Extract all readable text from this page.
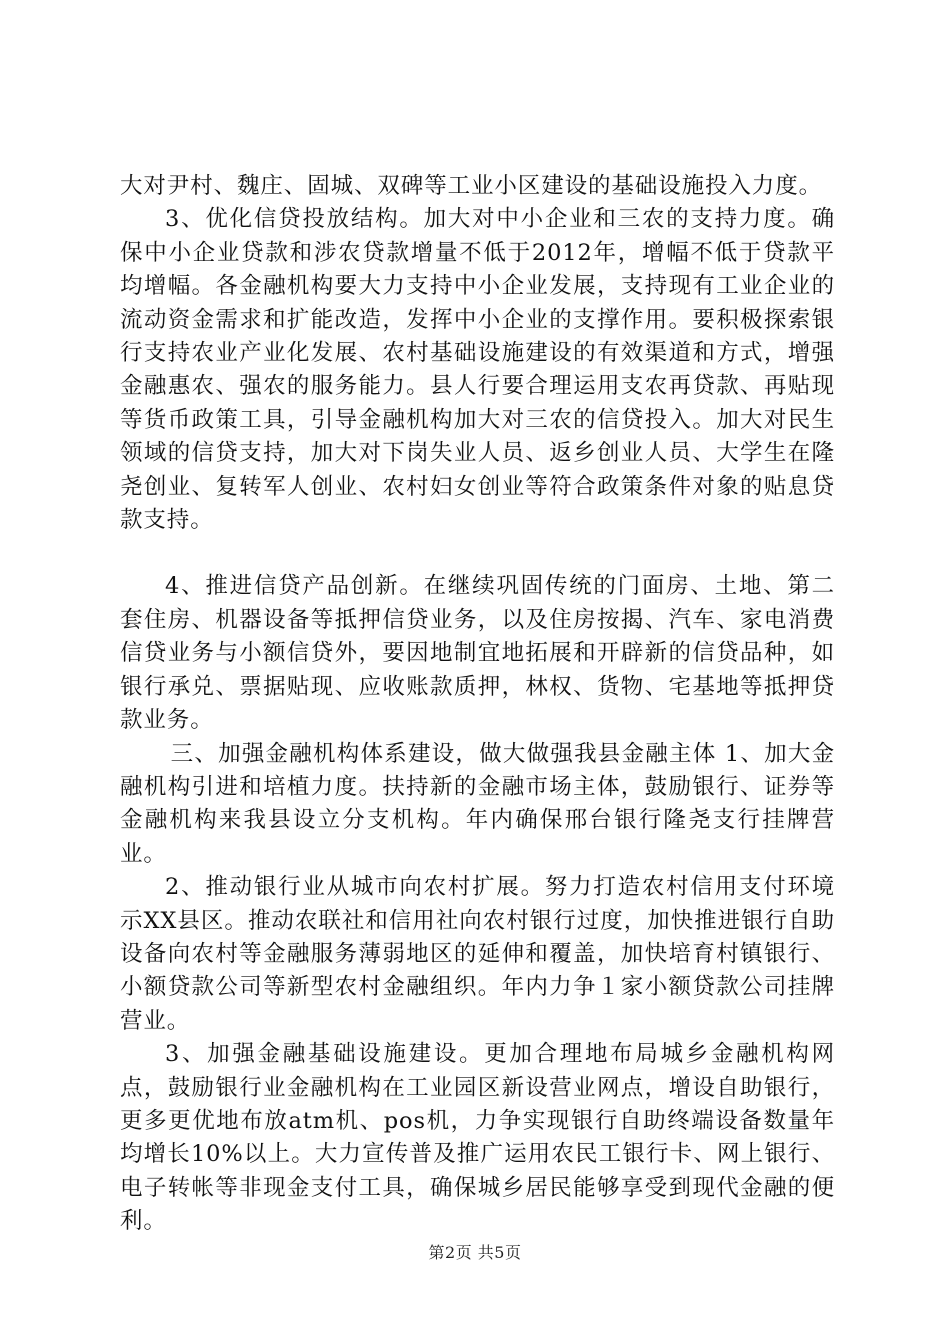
大对尹村、魏庄、固城、双碑等工业小区建设的基础设施投入力度。

3、优化信贷投放结构。加大对中小企业和三农的支持力度。确保中小企业贷款和涉农贷款增量不低于2012年，增幅不低于贷款平均增幅。各金融机构要大力支持中小企业发展，支持现有工业企业的流动资金需求和扩能改造，发挥中小企业的支撑作用。要积极探索银行支持农业产业化发展、农村基础设施建设的有效渠道和方式，增强金融惠农、强农的服务能力。县人行要合理运用支农再贷款、再贴现等货币政策工具，引导金融机构加大对三农的信贷投入。加大对民生领域的信贷支持，加大对下岗失业人员、返乡创业人员、大学生在隆尧创业、复转军人创业、农村妇女创业等符合政策条件对象的贴息贷款支持。

4、推进信贷产品创新。在继续巩固传统的门面房、土地、第二套住房、机器设备等抵押信贷业务，以及住房按揭、汽车、家电消费信贷业务与小额信贷外，要因地制宜地拓展和开辟新的信贷品种，如银行承兑、票据贴现、应收账款质押，林权、货物、宅基地等抵押贷款业务。

三、加强金融机构体系建设，做大做强我县金融主体 1、加大金融机构引进和培植力度。扶持新的金融市场主体，鼓励银行、证券等金融机构来我县设立分支机构。年内确保邢台银行隆尧支行挂牌营业。

2、推动银行业从城市向农村扩展。努力打造农村信用支付环境示XX县区。推动农联社和信用社向农村银行过度，加快推进银行自助设备向农村等金融服务薄弱地区的延伸和覆盖，加快培育村镇银行、小额贷款公司等新型农村金融组织。年内力争１家小额贷款公司挂牌营业。

3、加强金融基础设施建设。更加合理地布局城乡金融机构网点，鼓励银行业金融机构在工业园区新设营业网点，增设自助银行，更多更优地布放atm机、pos机，力争实现银行自助终端设备数量年均增长10%以上。大力宣传普及推广运用农民工银行卡、网上银行、电子转帐等非现金支付工具，确保城乡居民能够享受到现代金融的便利。

第2页 共5页
